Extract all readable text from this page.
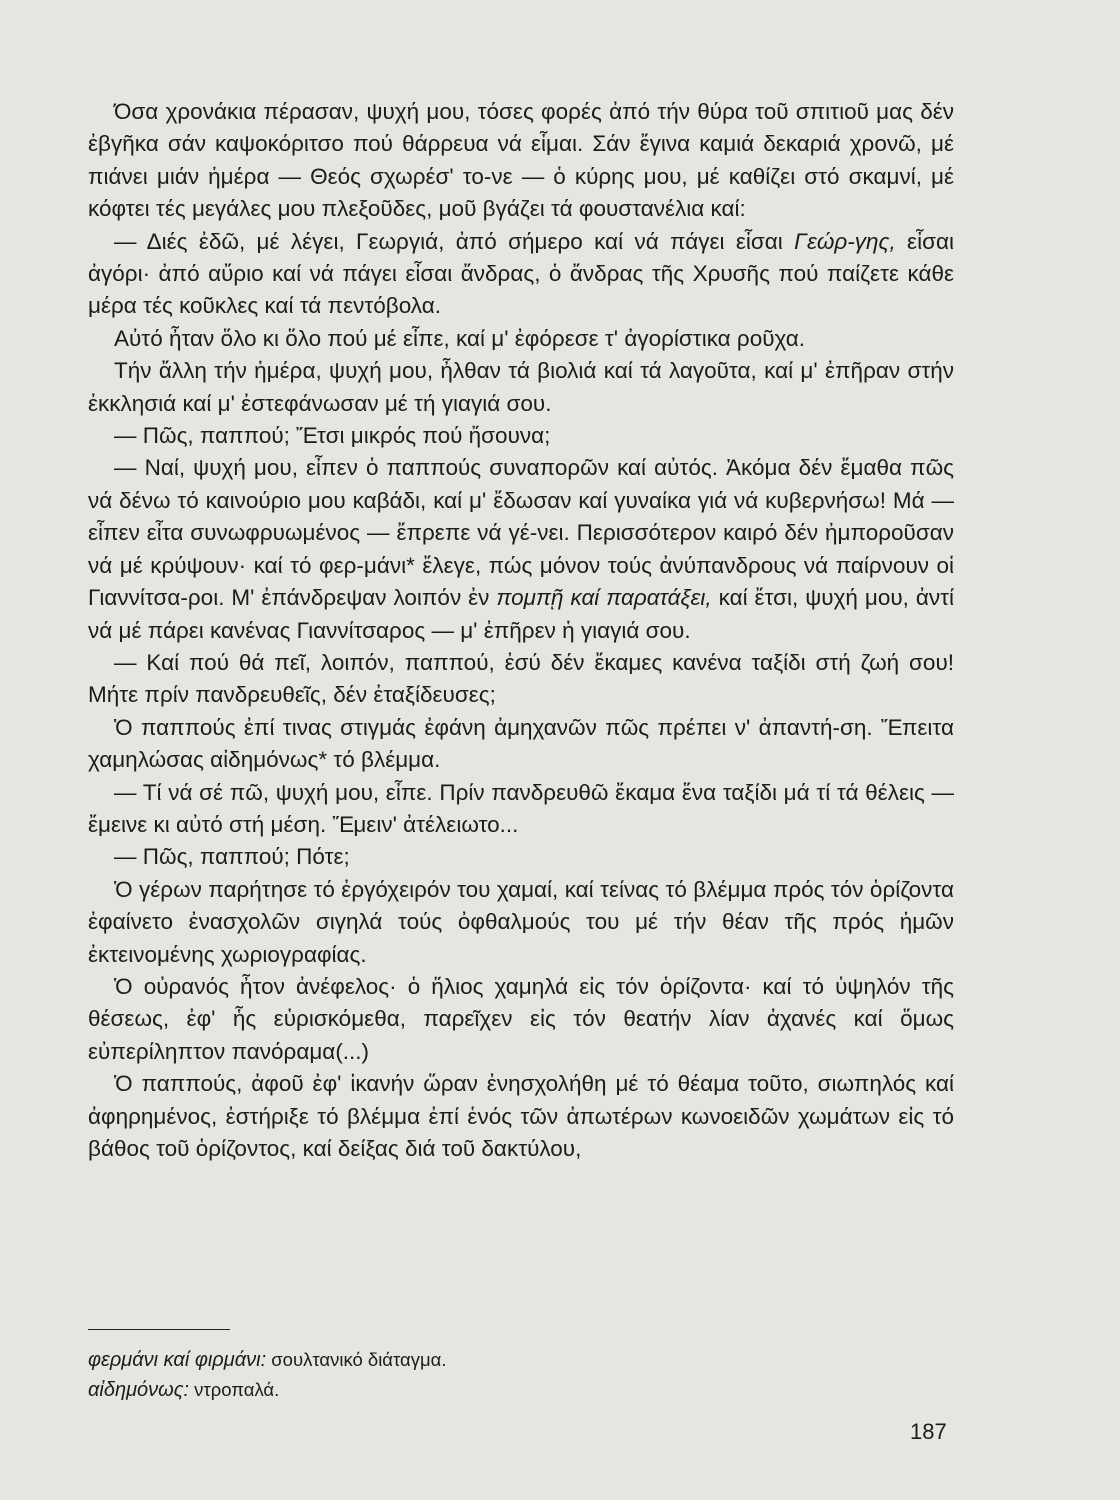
Όσα χρονάκια πέρασαν, ψυχή μου, τόσες φορές ἀπό τήν θύρα τοῦ σπιτιοῦ μας δέν ἐβγῆκα σάν καψοκόριτσο πού θάρρευα νά εἶμαι. Σάν ἔγινα καμιά δεκαριά χρονῶ, μέ πιάνει μιάν ἡμέρα — Θεός σχωρέσ' το-νε — ὁ κύρης μου, μέ καθίζει στό σκαμνί, μέ κόφτει τές μεγάλες μου πλεξοῦδες, μοῦ βγάζει τά φουστανέλια καί:

— Διές ἐδῶ, μέ λέγει, Γεωργιά, ἀπό σήμερο καί νά πάγει εἶσαι Γεώρ-γης, εἶσαι ἀγόρι· ἀπό αὔριο καί νά πάγει εἶσαι ἄνδρας, ὁ ἄνδρας τῆς Χρυσῆς πού παίζετε κάθε μέρα τές κοῦκλες καί τά πεντόβολα.

Αὐτό ἦταν ὅλο κι ὅλο πού μέ εἶπε, καί μ' ἐφόρεσε τ' ἀγορίστικα ροῦχα.

Τήν ἄλλη τήν ἡμέρα, ψυχή μου, ἦλθαν τά βιολιά καί τά λαγοῦτα, καί μ' ἐπῆραν στήν ἐκκλησιά καί μ' ἐστεφάνωσαν μέ τή γιαγιά σου.

— Πῶς, παππού; Ἔτσι μικρός πού ἤσουνα;

— Ναί, ψυχή μου, εἶπεν ὁ παππούς συναπορῶν καί αὐτός. Ἀκόμα δέν ἔμαθα πῶς νά δένω τό καινούριο μου καβάδι, καί μ' ἔδωσαν καί γυναίκα γιά νά κυβερνήσω! Μά — εἶπεν εἶτα συνωφρυωμένος — ἔπρεπε νά γέ-νει. Περισσότερον καιρό δέν ἠμποροῦσαν νά μέ κρύψουν· καί τό φερ-μάνι* ἔλεγε, πώς μόνον τούς ἀνύπανδρους νά παίρνουν οἱ Γιαννίτσα-ροι. Μ' ἐπάνδρεψαν λοιπόν ἐν πομπῇ καί παρατάξει, καί ἔτσι, ψυχή μου, ἀντί νά μέ πάρει κανένας Γιαννίτσαρος — μ' ἐπῆρεν ἡ γιαγιά σου.

— Καί πού θά πεῖ, λοιπόν, παππού, ἐσύ δέν ἔκαμες κανένα ταξίδι στή ζωή σου! Μήτε πρίν πανδρευθεῖς, δέν ἐταξίδευσες;

Ὁ παππούς ἐπί τινας στιγμάς ἐφάνη ἀμηχανῶν πῶς πρέπει ν' ἀπαντή-ση. Ἔπειτα χαμηλώσας αἰδημόνως* τό βλέμμα.

— Τί νά σέ πῶ, ψυχή μου, εἶπε. Πρίν πανδρευθῶ ἔκαμα ἕνα ταξίδι μά τί τά θέλεις — ἔμεινε κι αὐτό στή μέση. Ἔμειν' ἀτέλειωτο...

— Πῶς, παππού; Πότε;

Ὁ γέρων παρήτησε τό ἐργόχειρόν του χαμαί, καί τείνας τό βλέμμα πρός τόν ὁρίζοντα ἐφαίνετο ἐνασχολῶν σιγηλά τούς ὀφθαλμούς του μέ τήν θέαν τῆς πρός ἡμῶν ἐκτεινομένης χωριογραφίας.

Ὁ οὐρανός ἦτον ἀνέφελος· ὁ ἥλιος χαμηλά εἰς τόν ὁρίζοντα· καί τό ὑψηλόν τῆς θέσεως, ἐφ' ἧς εὑρισκόμεθα, παρεῖχεν εἰς τόν θεατήν λίαν ἀχανές καί ὅμως εὐπερίληπτον πανόραμα(...)

Ὁ παππούς, ἀφοῦ ἐφ' ἱκανήν ὥραν ἐνησχολήθη μέ τό θέαμα τοῦτο, σιωπηλός καί ἀφηρημένος, ἐστήριξε τό βλέμμα ἐπί ἑνός τῶν ἀπωτέρων κωνοειδῶν χωμάτων εἰς τό βάθος τοῦ ὁρίζοντος, καί δείξας διά τοῦ δακτύλου,

φερμάνι καί φιρμάνι: σουλτανικό διάταγμα.
αἰδημόνως: ντροπαλά.
187
